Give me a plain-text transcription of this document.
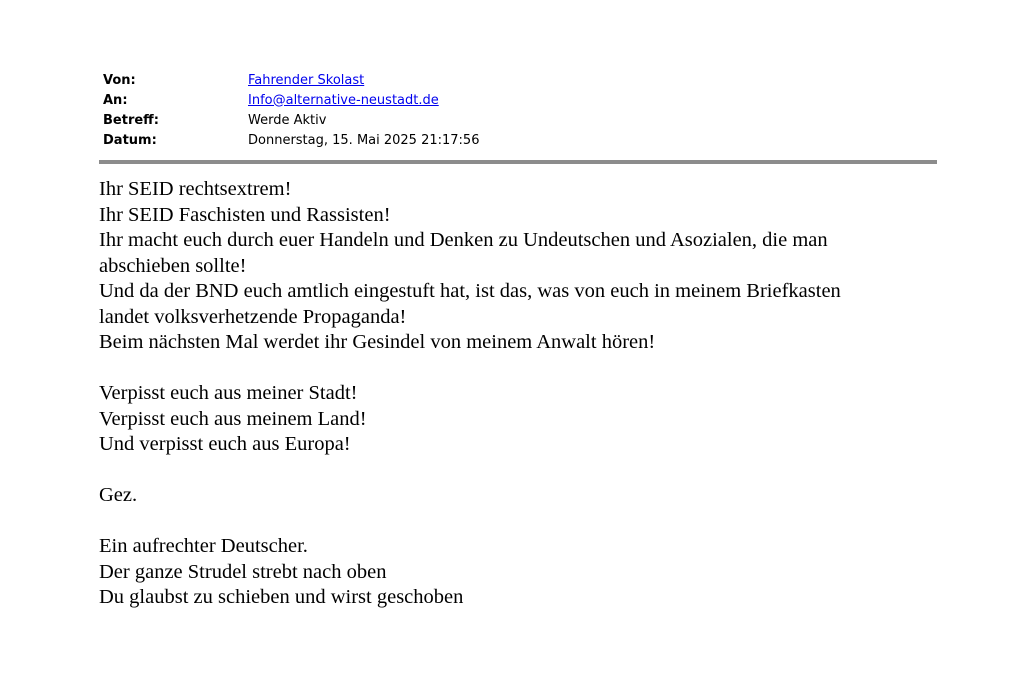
Von:	Fahrender Skolast
An:	Info@alternative-neustadt.de
Betreff:	Werde Aktiv
Datum:	Donnerstag, 15. Mai 2025 21:17:56
Ihr SEID rechtsextrem!
Ihr SEID Faschisten und Rassisten!
Ihr macht euch durch euer Handeln und Denken zu Undeutschen und Asozialen, die man
abschieben sollte!
Und da der BND euch amtlich eingestuft hat, ist das, was von euch in meinem Briefkasten
landet volksverhetzende Propaganda!
Beim nächsten Mal werdet ihr Gesindel von meinem Anwalt hören!
Verpisst euch aus meiner Stadt!
Verpisst euch aus meinem Land!
Und verpisst euch aus Europa!
Gez.
Ein aufrechter Deutscher.
Der ganze Strudel strebt nach oben
Du glaubst zu schieben und wirst geschoben
